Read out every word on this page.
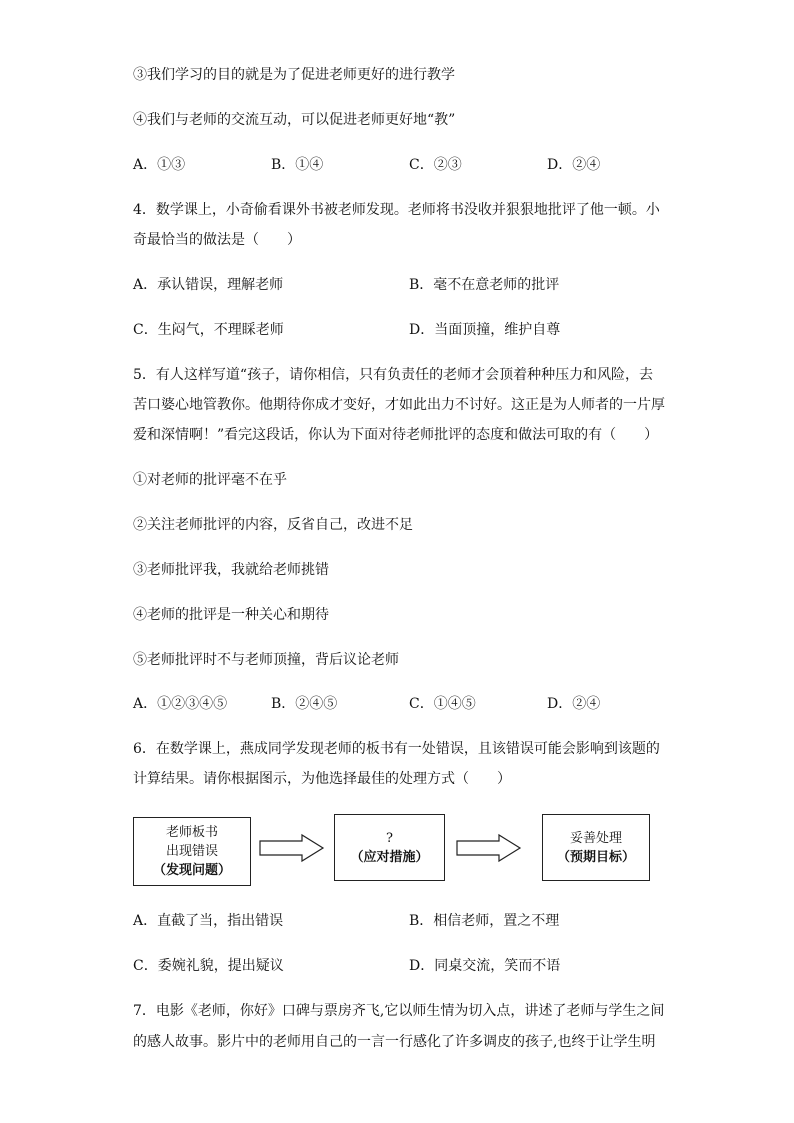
③我们学习的目的就是为了促进老师更好的进行教学
④我们与老师的交流互动，可以促进老师更好地“教”
A．①③	B．①④	C．②③	D．②④
4．数学课上，小奇偷看课外书被老师发现。老师将书没收并狠狠地批评了他一顿。小
奇最恰当的做法是（　　）
A．承认错误，理解老师	B．毫不在意老师的批评
C．生闷气，不理睬老师	D．当面顶撞，维护自尊
5．有人这样写道“孩子，请你相信，只有负责任的老师才会顶着种种压力和风险，去
苦口婆心地管教你。他期待你成才变好，才如此出力不讨好。这正是为人师者的一片厚
爱和深情啊！”看完这段话，你认为下面对待老师批评的态度和做法可取的有（　　）
①对老师的批评毫不在乎
②关注老师批评的内容，反省自己，改进不足
③老师批评我，我就给老师挑错
④老师的批评是一种关心和期待
⑤老师批评时不与老师顶撞，背后议论老师
A．①②③④⑤	B．②④⑤	C．①④⑤	D．②④
6．在数学课上，燕成同学发现老师的板书有一处错误，且该错误可能会影响到该题的
计算结果。请你根据图示，为他选择最佳的处理方式（　　）
老师板书
出现错误
（发现问题）
?
（应对措施）
妥善处理
（预期目标）
A．直截了当，指出错误	B．相信老师，置之不理
C．委婉礼貌，提出疑议	D．同桌交流，笑而不语
7．电影《老师，你好》口碑与票房齐飞,它以师生情为切入点，讲述了老师与学生之间
的感人故事。影片中的老师用自己的一言一行感化了许多调皮的孩子,也终于让学生明
